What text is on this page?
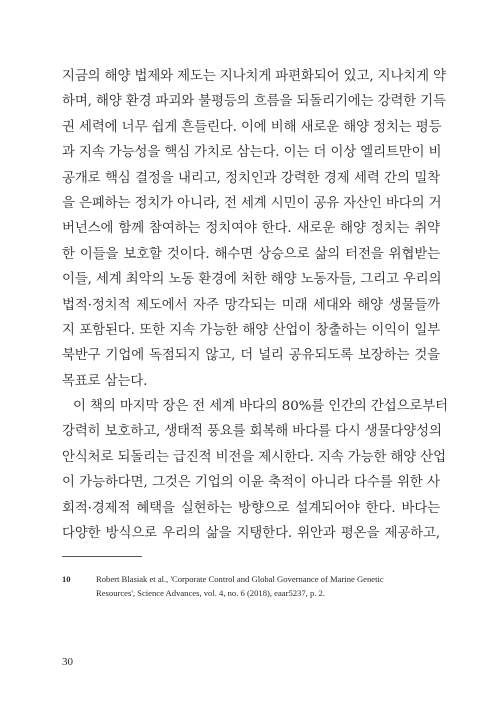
지금의 해양 법제와 제도는 지나치게 파편화되어 있고, 지나치게 약
하며, 해양 환경 파괴와 불평등의 흐름을 되돌리기에는 강력한 기득
권 세력에 너무 쉽게 흔들린다. 이에 비해 새로운 해양 정치는 평등
과 지속 가능성을 핵심 가치로 삼는다. 이는 더 이상 엘리트만이 비
공개로 핵심 결정을 내리고, 정치인과 강력한 경제 세력 간의 밀착
을 은폐하는 정치가 아니라, 전 세계 시민이 공유 자산인 바다의 거
버넌스에 함께 참여하는 정치여야 한다. 새로운 해양 정치는 취약
한 이들을 보호할 것이다. 해수면 상승으로 삶의 터전을 위협받는
이들, 세계 최악의 노동 환경에 처한 해양 노동자들, 그리고 우리의
법적·정치적 제도에서 자주 망각되는 미래 세대와 해양 생물들까
지 포함된다. 또한 지속 가능한 해양 산업이 창출하는 이익이 일부
북반구 기업에 독점되지 않고, 더 널리 공유되도록 보장하는 것을
목표로 삼는다.
이 책의 마지막 장은 전 세계 바다의 80%를 인간의 간섭으로부터
강력히 보호하고, 생태적 풍요를 회복해 바다를 다시 생물다양성의
안식처로 되돌리는 급진적 비전을 제시한다. 지속 가능한 해양 산업
이 가능하다면, 그것은 기업의 이윤 축적이 아니라 다수를 위한 사
회적·경제적 혜택을 실현하는 방향으로 설계되어야 한다. 바다는
다양한 방식으로 우리의 삶을 지탱한다. 위안과 평온을 제공하고,
10	Robert Blasiak et al., 'Corporate Control and Global Governance of Marine Genetic
Resources', Science Advances, vol. 4, no. 6 (2018), eaar5237, p. 2.
30
